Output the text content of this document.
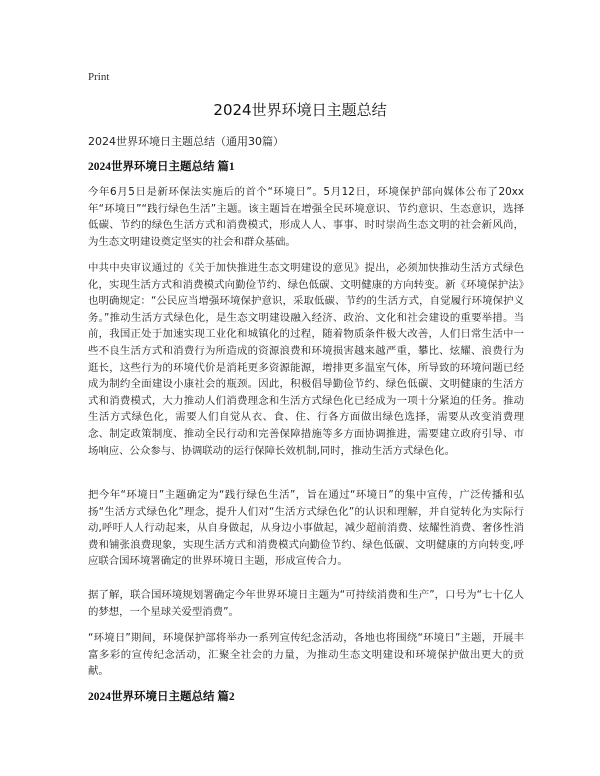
Print
2024世界环境日主题总结
2024世界环境日主题总结（通用30篇）
2024世界环境日主题总结 篇1

今年6月5日是新环保法实施后的首个“环境日”。5月12日，环境保护部向媒体公布了20xx年“环境日”“践行绿色生活”主题。该主题旨在增强全民环境意识、节约意识、生态意识，选择低碳、节约的绿色生活方式和消费模式，形成人人、事事、时时崇尚生态文明的社会新风尚，为生态文明建设奠定坚实的社会和群众基础。

中共中央审议通过的《关于加快推进生态文明建设的意见》提出，必须加快推动生活方式绿色化，实现生活方式和消费模式向勤俭节约、绿色低碳、文明健康的方向转变。新《环境保护法》也明确规定：“公民应当增强环境保护意识，采取低碳、节约的生活方式，自觉履行环境保护义务。”推动生活方式绿色化，是生态文明建设融入经济、政治、文化和社会建设的重要举措。当前，我国正处于加速实现工业化和城镇化的过程，随着物质条件极大改善，人们日常生活中一些不良生活方式和消费行为所造成的资源浪费和环境损害越来越严重，攀比、炫耀、浪费行为逛长，这些行为的环境代价是消耗更多资源能源，增排更多温室气体，所导致的环境问题已经成为制约全面建设小康社会的瓶颈。因此，积极倡导勤俭节约、绿色低碳、文明健康的生活方式和消费模式，大力推动人们消费理念和生活方式绿色化已经成为一项十分紧迫的任务。推动生活方式绿色化，需要人们自觉从衣、食、住、行各方面做出绿色选择，需要从改变消费理念、制定政策制度、推动全民行动和完善保障措施等多方面协调推进，需要建立政府引导、市场响应、公众参与、协调联动的运行保障长效机制,同时，推动生活方式绿色化。

把今年“环境日”主题确定为“践行绿色生活”，旨在通过“环境日”的集中宣传，广泛传播和弘扬“生活方式绿色化”理念，提升人们对“生活方式绿色化”的认识和理解，并自觉转化为实际行动,呼吁人人行动起来，从自身做起，从身边小事做起，减少超前消费、炫耀性消费、奢侈性消费和铺张浪费现象，实现生活方式和消费模式向勤俭节约、绿色低碳、文明健康的方向转变,呼应联合国环境署确定的世界环境日主题，形成宣传合力。

据了解，联合国环境规划署确定今年世界环境日主题为“可持续消费和生产”，口号为“七十亿人的梦想，一个星球关爱型消费”。

“环境日”期间，环境保护部将举办一系列宣传纪念活动，各地也将围绕“环境日”主题，开展丰富多彩的宣传纪念活动，汇聚全社会的力量，为推动生态文明建设和环境保护做出更大的贡献。

2024世界环境日主题总结 篇2
